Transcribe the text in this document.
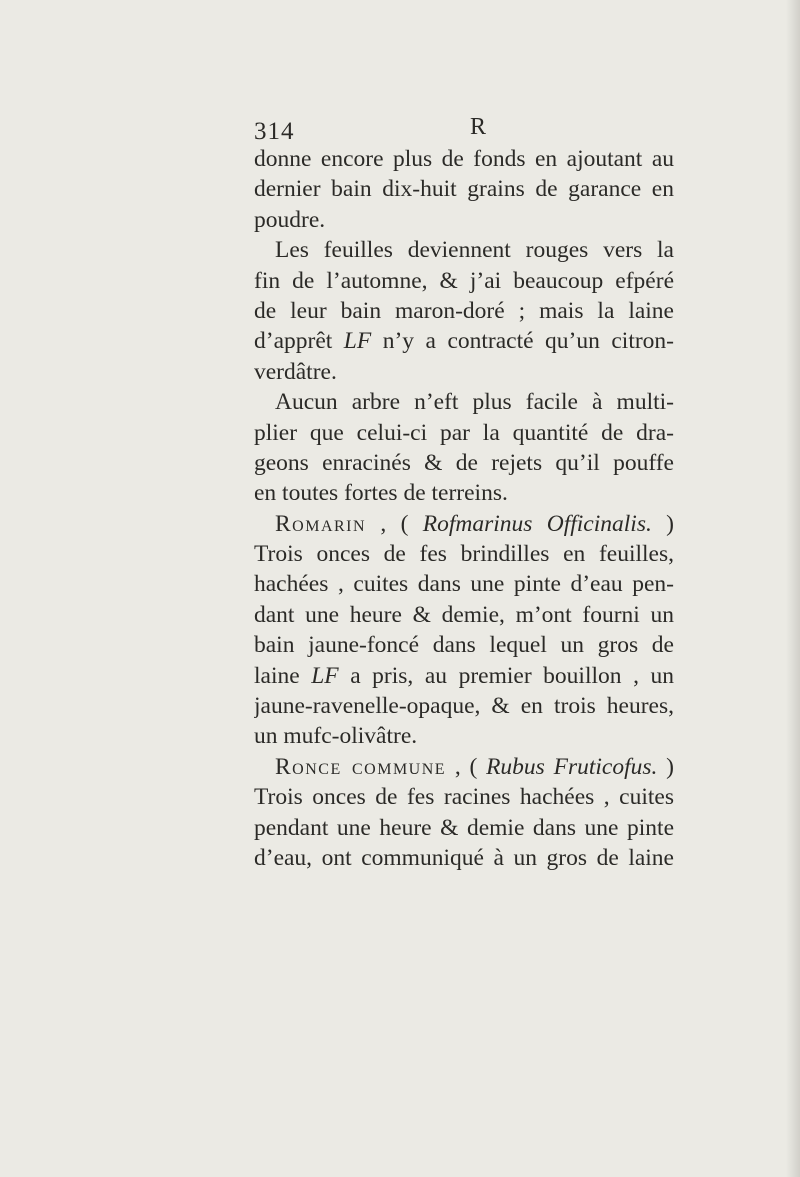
314	R
donne encore plus de fonds en ajoutant au
dernier bain dix-huit grains de garance en
poudre.
Les feuilles deviennent rouges vers la
fin de l’automne, & j’ai beaucoup efpéré
de leur bain maron-doré ; mais la laine
d’apprêt LF n’y a contracté qu’un citron-
verdâtre.
Aucun arbre n’eft plus facile à multi-
plier que celui-ci par la quantité de dra-
geons enracinés & de rejets qu’il pouffe
en toutes fortes de terreins.
Romarin , ( Rofmarinus Officinalis. )
Trois onces de fes brindilles en feuilles,
hachées , cuites dans une pinte d’eau pen-
dant une heure & demie, m’ont fourni un
bain jaune-foncé dans lequel un gros de
laine LF a pris, au premier bouillon , un
jaune-ravenelle-opaque, & en trois heures,
un mufc-olivâtre.
Ronce commune , ( Rubus Fruticofus. )
Trois onces de fes racines hachées , cuites
pendant une heure & demie dans une pinte
d’eau, ont communiqué à un gros de laine
